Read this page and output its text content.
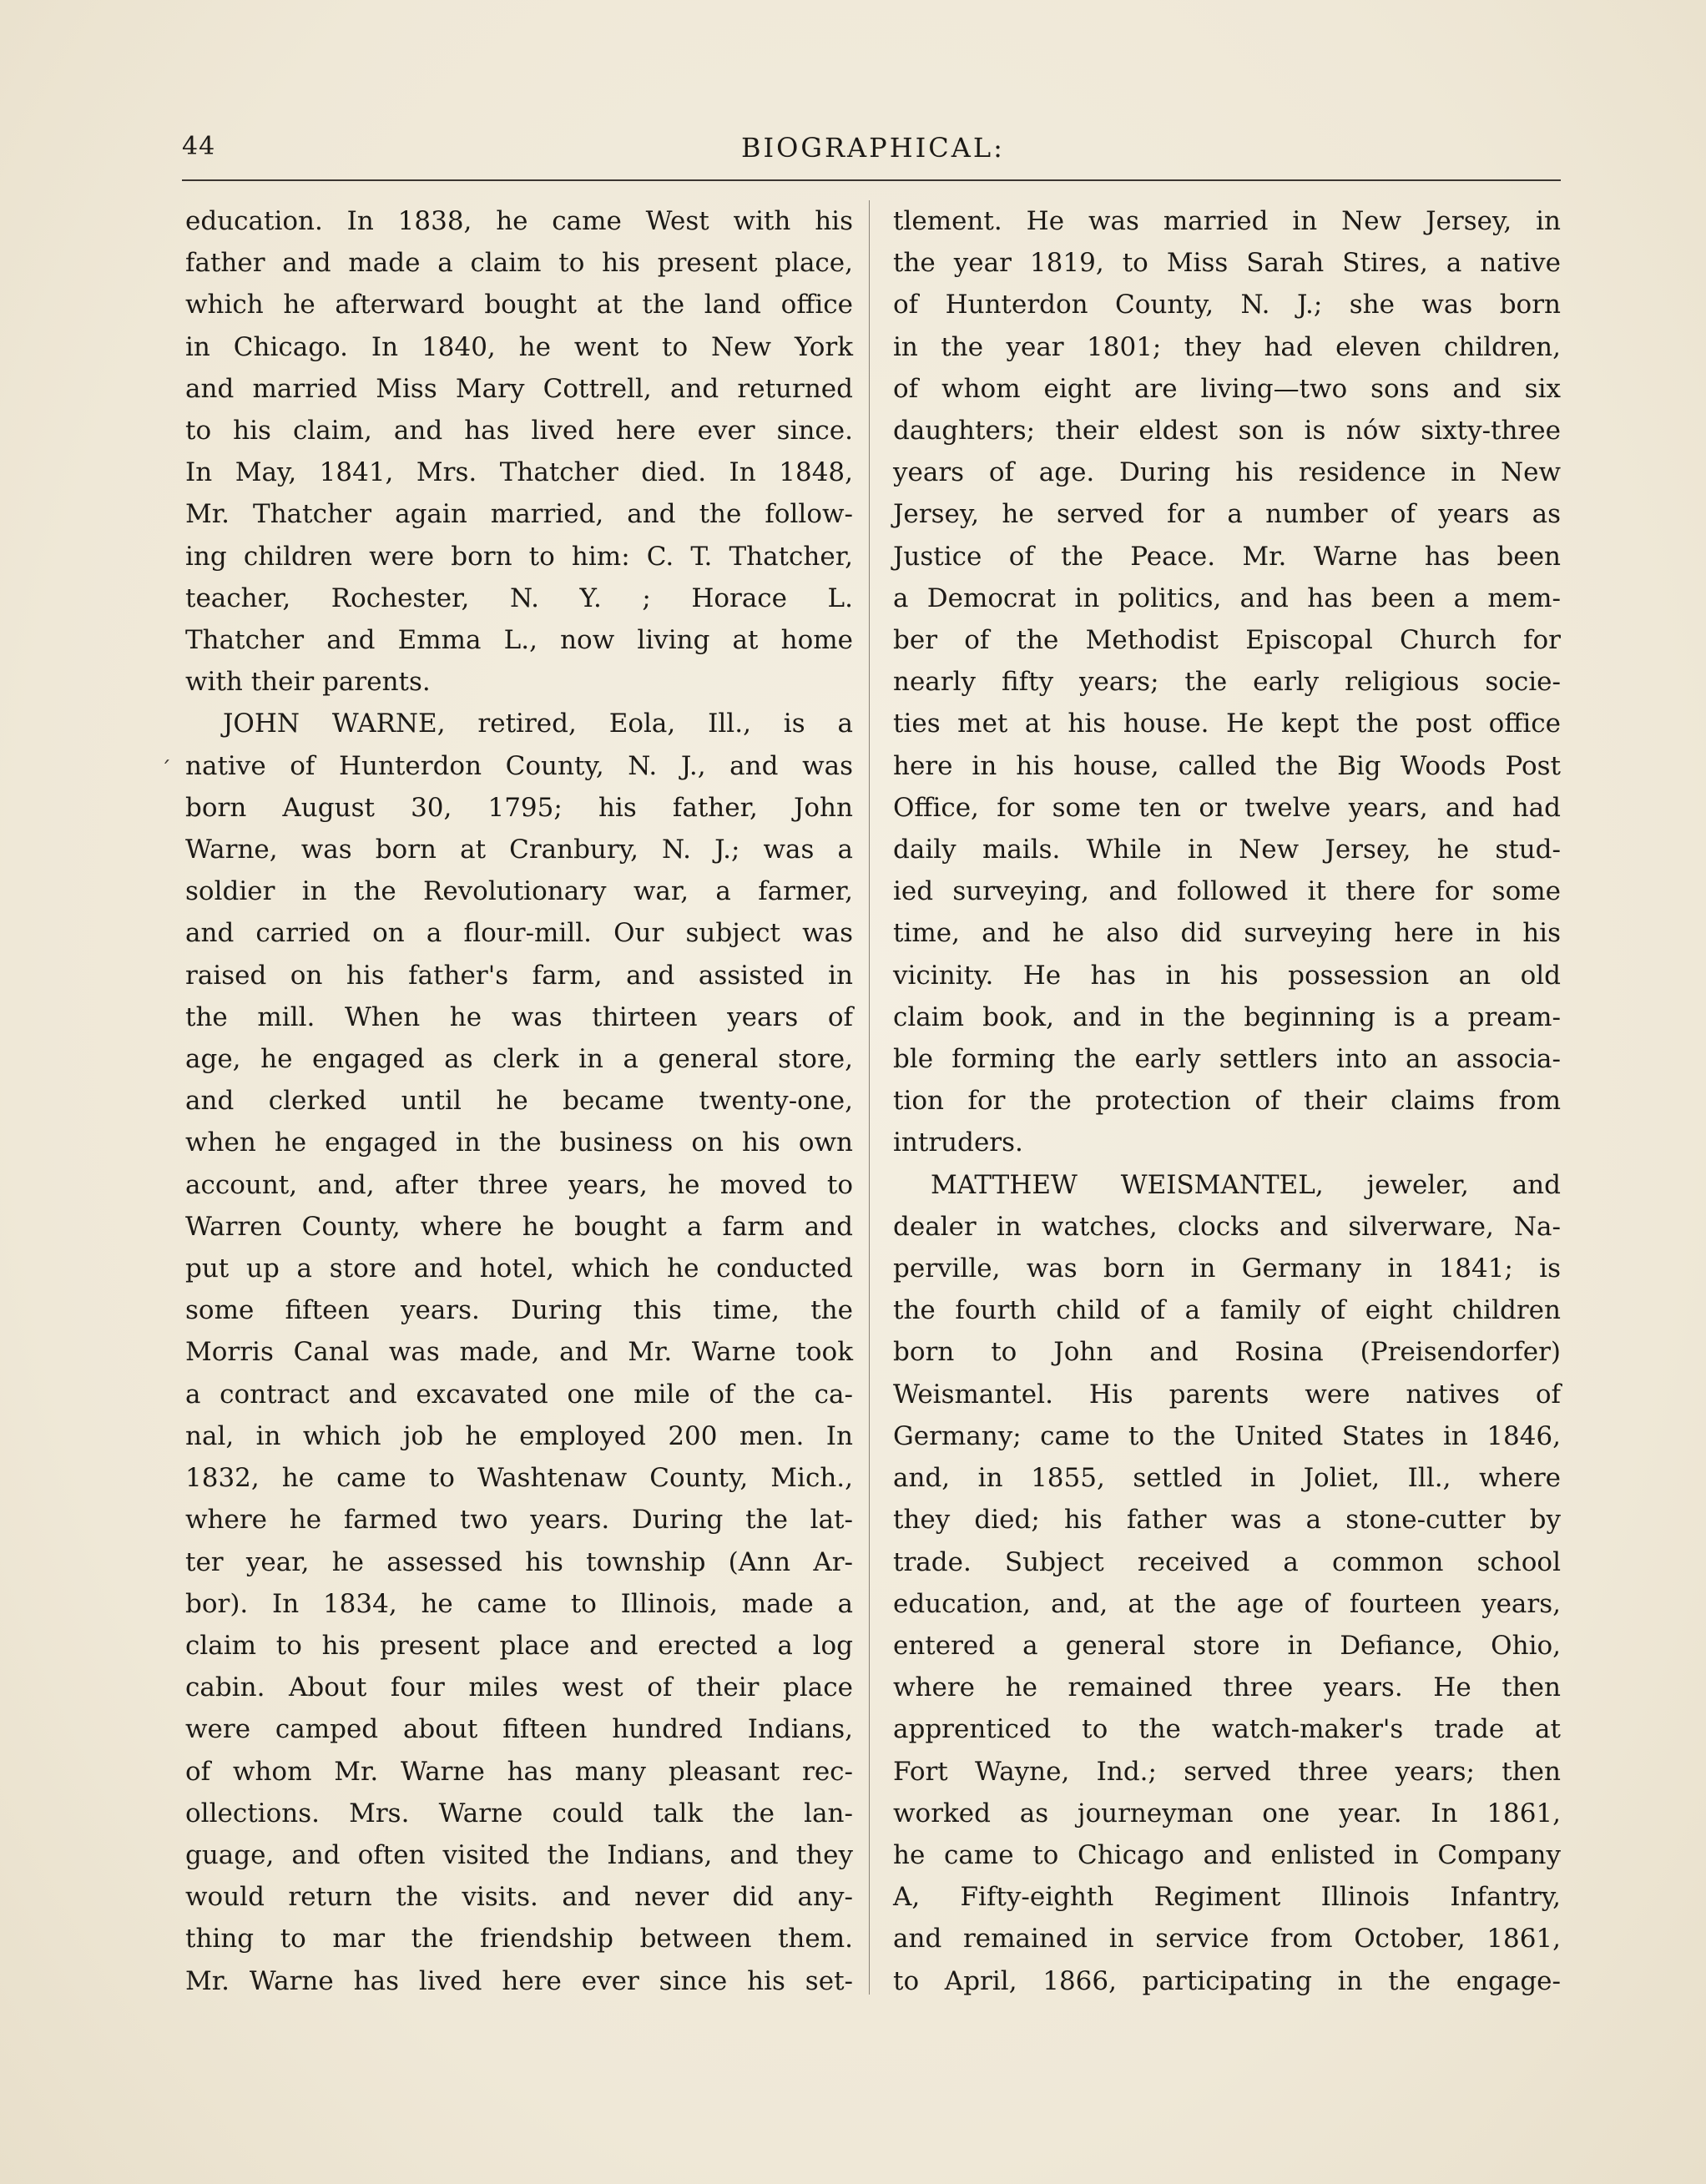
44	BIOGRAPHICAL:
´
education. In 1838, he came West with his
father and made a claim to his present place,
which he afterward bought at the land office
in Chicago. In 1840, he went to New York
and married Miss Mary Cottrell, and returned
to his claim, and has lived here ever since.
In May, 1841, Mrs. Thatcher died. In 1848,
Mr. Thatcher again married, and the follow-
ing children were born to him: C. T. Thatcher,
teacher, Rochester, N. Y. ; Horace L.
Thatcher and Emma L., now living at home
with their parents.
JOHN WARNE, retired, Eola, Ill., is a
native of Hunterdon County, N. J., and was
born August 30, 1795; his father, John
Warne, was born at Cranbury, N. J.; was a
soldier in the Revolutionary war, a farmer,
and carried on a flour-mill. Our subject was
raised on his father's farm, and assisted in
the mill. When he was thirteen years of
age, he engaged as clerk in a general store,
and clerked until he became twenty-one,
when he engaged in the business on his own
account, and, after three years, he moved to
Warren County, where he bought a farm and
put up a store and hotel, which he conducted
some fifteen years. During this time, the
Morris Canal was made, and Mr. Warne took
a contract and excavated one mile of the ca-
nal, in which job he employed 200 men. In
1832, he came to Washtenaw County, Mich.,
where he farmed two years. During the lat-
ter year, he assessed his township (Ann Ar-
bor). In 1834, he came to Illinois, made a
claim to his present place and erected a log
cabin. About four miles west of their place
were camped about fifteen hundred Indians,
of whom Mr. Warne has many pleasant rec-
ollections. Mrs. Warne could talk the lan-
guage, and often visited the Indians, and they
would return the visits. and never did any-
thing to mar the friendship between them.
Mr. Warne has lived here ever since his set-
tlement. He was married in New Jersey, in
the year 1819, to Miss Sarah Stires, a native
of Hunterdon County, N. J.; she was born
in the year 1801; they had eleven children,
of whom eight are living—two sons and six
daughters; their eldest son is nów sixty-three
years of age. During his residence in New
Jersey, he served for a number of years as
Justice of the Peace. Mr. Warne has been
a Democrat in politics, and has been a mem-
ber of the Methodist Episcopal Church for
nearly fifty years; the early religious socie-
ties met at his house. He kept the post office
here in his house, called the Big Woods Post
Office, for some ten or twelve years, and had
daily mails. While in New Jersey, he stud-
ied surveying, and followed it there for some
time, and he also did surveying here in his
vicinity. He has in his possession an old
claim book, and in the beginning is a pream-
ble forming the early settlers into an associa-
tion for the protection of their claims from
intruders.
MATTHEW WEISMANTEL, jeweler, and
dealer in watches, clocks and silverware, Na-
perville, was born in Germany in 1841; is
the fourth child of a family of eight children
born to John and Rosina (Preisendorfer)
Weismantel. His parents were natives of
Germany; came to the United States in 1846,
and, in 1855, settled in Joliet, Ill., where
they died; his father was a stone-cutter by
trade. Subject received a common school
education, and, at the age of fourteen years,
entered a general store in Defiance, Ohio,
where he remained three years. He then
apprenticed to the watch-maker's trade at
Fort Wayne, Ind.; served three years; then
worked as journeyman one year. In 1861,
he came to Chicago and enlisted in Company
A, Fifty-eighth Regiment Illinois Infantry,
and remained in service from October, 1861,
to April, 1866, participating in the engage-
